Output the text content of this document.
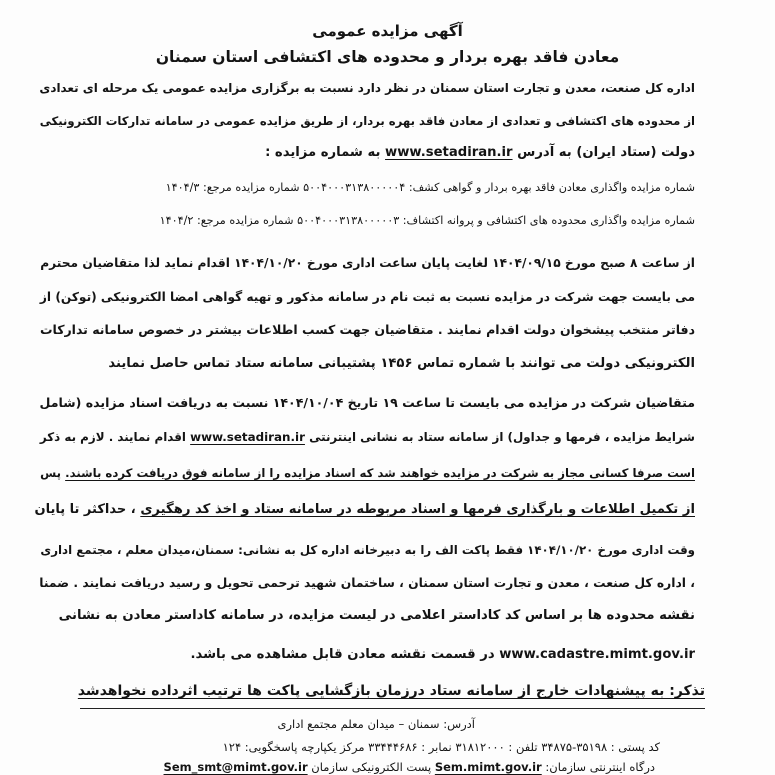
آگهی مزایده عمومی
معادن فاقد بهره بردار و محدوده های اکتشافی استان سمنان
اداره کل صنعت، معدن و تجارت استان سمنان در نظر دارد نسبت به برگزاری مزایده عمومی یک مرحله ای تعدادی
از محدوده های اکتشافی و تعدادی از معادن فاقد بهره بردار، از طریق مزایده عمومی در سامانه تدارکات الکترونیکی
دولت (ستاد ایران) به آدرس www.setadiran.ir به شماره مزایده :
شماره مزایده واگذاری معادن فاقد بهره بردار و گواهی کشف: ۵۰۰۴۰۰۰۳۱۳۸۰۰۰۰۰۴ شماره مزایده مرجع: ۱۴۰۴/۳
شماره مزایده واگذاری محدوده های اکتشافی و پروانه اکتشاف: ۵۰۰۴۰۰۰۳۱۳۸۰۰۰۰۰۳ شماره مزایده مرجع: ۱۴۰۴/۲
از ساعت ۸ صبح مورخ ۱۴۰۴/۰۹/۱۵ لغایت پایان ساعت اداری مورخ ۱۴۰۴/۱۰/۲۰ اقدام نماید لذا متقاضیان محترم
می بایست جهت شرکت در مزایده نسبت به ثبت نام در سامانه مذکور و تهیه گواهی امضا الکترونیکی (توکن) از
دفاتر منتخب پیشخوان دولت اقدام نمایند . متقاضیان جهت کسب اطلاعات بیشتر در خصوص سامانه تدارکات
الکترونیکی دولت می توانند با شماره تماس ۱۴۵۶ پشتیبانی سامانه ستاد تماس حاصل نمایند
متقاضیان شرکت در مزایده می بایست تا ساعت ۱۹ تاریخ ۱۴۰۴/۱۰/۰۴ نسبت به دریافت اسناد مزایده (شامل
شرایط مزایده ، فرمها و جداول) از سامانه ستاد به نشانی اینترنتی www.setadiran.ir اقدام نمایند . لازم به ذکر
است صرفا کسانی مجاز به شرکت در مزایده خواهند شد که اسناد مزایده را از سامانه فوق دریافت کرده باشند. پس
از تکمیل اطلاعات و بارگذاری فرمها و اسناد مربوطه در سامانه ستاد و اخذ کد رهگیری ، حداکثر تا پایان
وقت اداری مورخ ۱۴۰۴/۱۰/۲۰ فقط پاکت الف را به دبیرخانه اداره کل به نشانی: سمنان،میدان معلم ، مجتمع اداری
، اداره کل صنعت ، معدن و تجارت استان سمنان ، ساختمان شهید ترحمی تحویل و رسید دریافت نمایند . ضمنا
نقشه محدوده ها بر اساس کد کاداستر اعلامی در لیست مزایده، در سامانه کاداستر معادن به نشانی
www.cadastre.mimt.gov.ir در قسمت نقشه معادن قابل مشاهده می باشد.
تذکر: به پیشنهادات خارج از سامانه ستاد درزمان بازگشایی پاکت ها ترتیب اثرداده نخواهدشد
آدرس: سمنان – میدان معلم مجتمع اداری
کد پستی : ۳۵۱۹۸-۳۴۸۷۵ تلفن : ۳۱۸۱۲۰۰۰ نمابر : ۳۳۴۴۴۶۸۶ مرکز یکپارچه پاسخگویی: ۱۲۴
درگاه اینترنتی سازمان: Sem.mimt.gov.ir پست الکترونیکی سازمان Sem_smt@mimt.gov.ir
